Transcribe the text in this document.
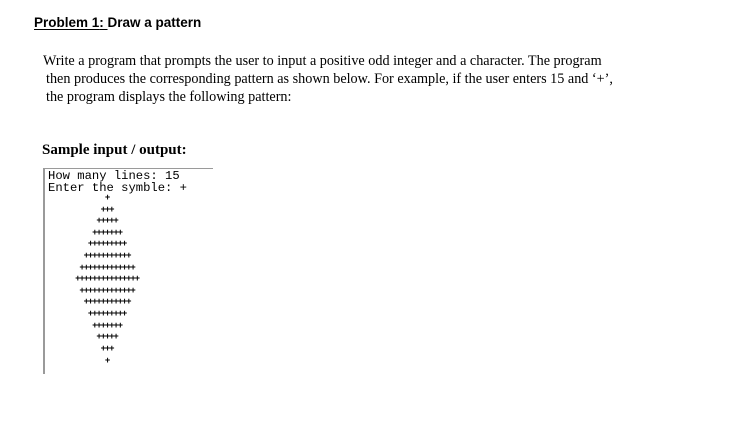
Problem 1: Draw a pattern

Write a program that prompts the user to input a positive odd integer and a character. The program
then produces the corresponding pattern as shown below. For example, if the user enters 15 and ‘+’,
the program displays the following pattern:

Sample input / output:
How many lines: 15
Enter the symble: +
+
+++
+++++
+++++++
+++++++++
+++++++++++
+++++++++++++
+++++++++++++++
+++++++++++++
+++++++++++
+++++++++
+++++++
+++++
+++
+
